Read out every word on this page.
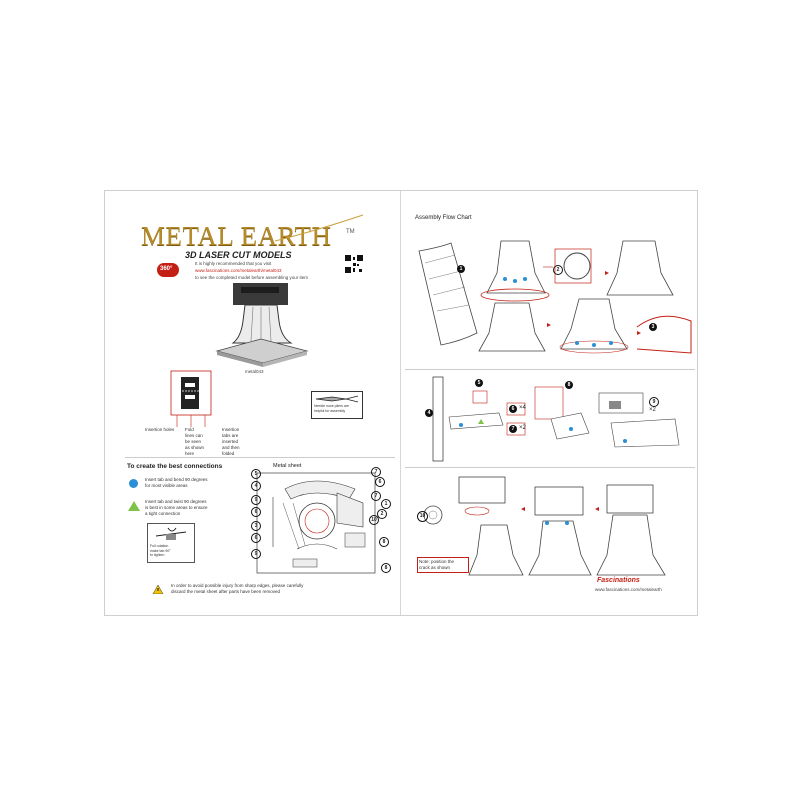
METAL EARTH TM
3D LASER CUT MODELS
360°
It is highly recommended that you visit
www.fascinations.com/metalearth/metal043
to see the completed model before assembling your item
metal043
Insertion holes Fold
lines can
be seen
as shown
here
Insertion
tabs are
inserted
and then
folded
Needle nose pliers are helpful for assembly
To create the best connections	Metal sheet
Insert tab and bend 90 degrees
for most visible areas
Insert tab and twist 90 degrees
is best in some areas to ensure
a tight connection
Full rotation
make tab 90°
to tighten
5
4
9
6
3
6
9
7
6
7
1
2
10
8
8
In order to avoid possible injury from sharp edges, please carefully
discard the metal sheet after parts have been removed
Assembly Flow Chart
1	2
3
4
5
6 ×4
7 ×2
8
9
×2
10
Note: position the
crack as shown
Fascinations
www.fascinations.com/metalearth
